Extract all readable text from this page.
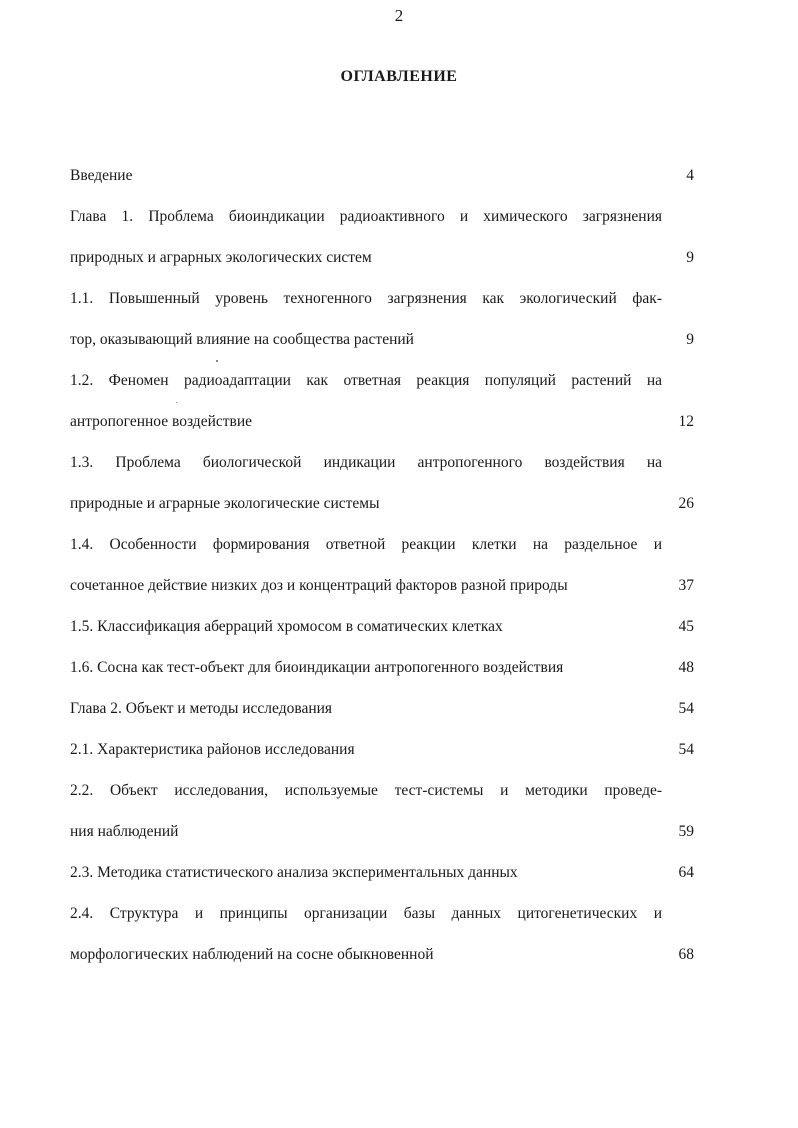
2
ОГЛАВЛЕНИЕ
Введение	4
Глава 1. Проблема биоиндикации радиоактивного и химического загрязнения
природных и аграрных экологических систем	9
1.1. Повышенный уровень техногенного загрязнения как экологический фак-
тор, оказывающий влияние на сообщества растений	9
1.2. Феномен радиоадаптации как ответная реакция популяций растений на
антропогенное воздействие	12
1.3. Проблема биологической индикации антропогенного воздействия на
природные и аграрные экологические системы	26
1.4. Особенности формирования ответной реакции клетки на раздельное и
сочетанное действие низких доз и концентраций факторов разной природы	37
1.5. Классификация аберраций хромосом в соматических клетках	45
1.6. Сосна как тест-объект для биоиндикации антропогенного воздействия	48
Глава 2. Объект и методы исследования	54
2.1. Характеристика районов исследования	54
2.2. Объект исследования, используемые тест-системы и методики проведе-
ния наблюдений	59
2.3. Методика статистического анализа экспериментальных данных	64
2.4. Структура и принципы организации базы данных цитогенетических и
морфологических наблюдений на сосне обыкновенной	68
